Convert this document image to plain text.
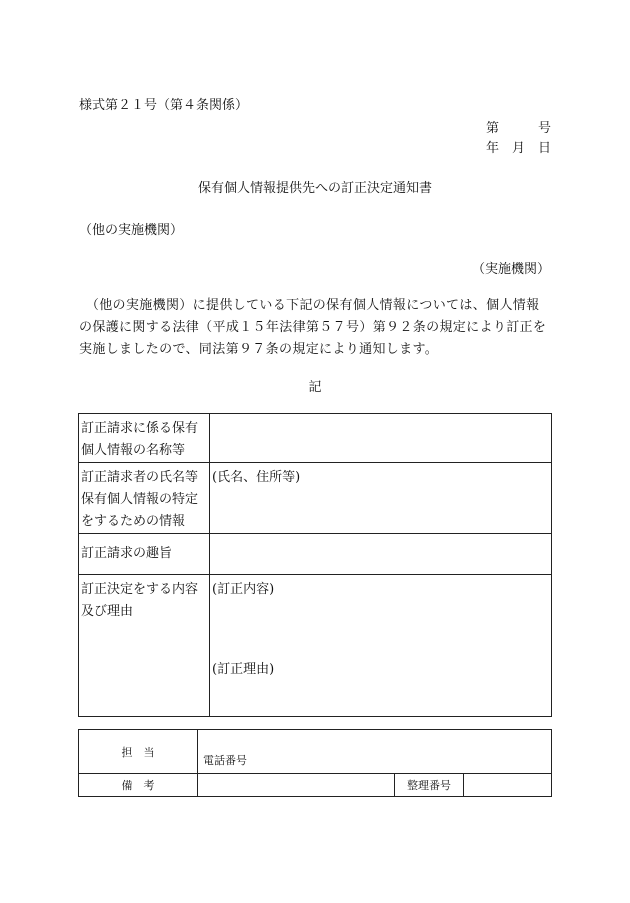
様式第２１号（第４条関係）
第　　　号
年　月　日
保有個人情報提供先への訂正決定通知書
（他の実施機関）
（実施機関）
　（他の実施機関）に提供している下記の保有個人情報については、個人情報の保護に関する法律（平成１５年法律第５７号）第９２条の規定により訂正を実施しましたので、同法第９７条の規定により通知します。
記
訂正請求に係る保有個人情報の名称等	
訂正請求者の氏名等保有個人情報の特定をするための情報	(氏名、住所等)
訂正請求の趣旨	
訂正決定をする内容及び理由	(訂正内容)
(訂正理由)
担　当	電話番号		
備　考		整理番号	
